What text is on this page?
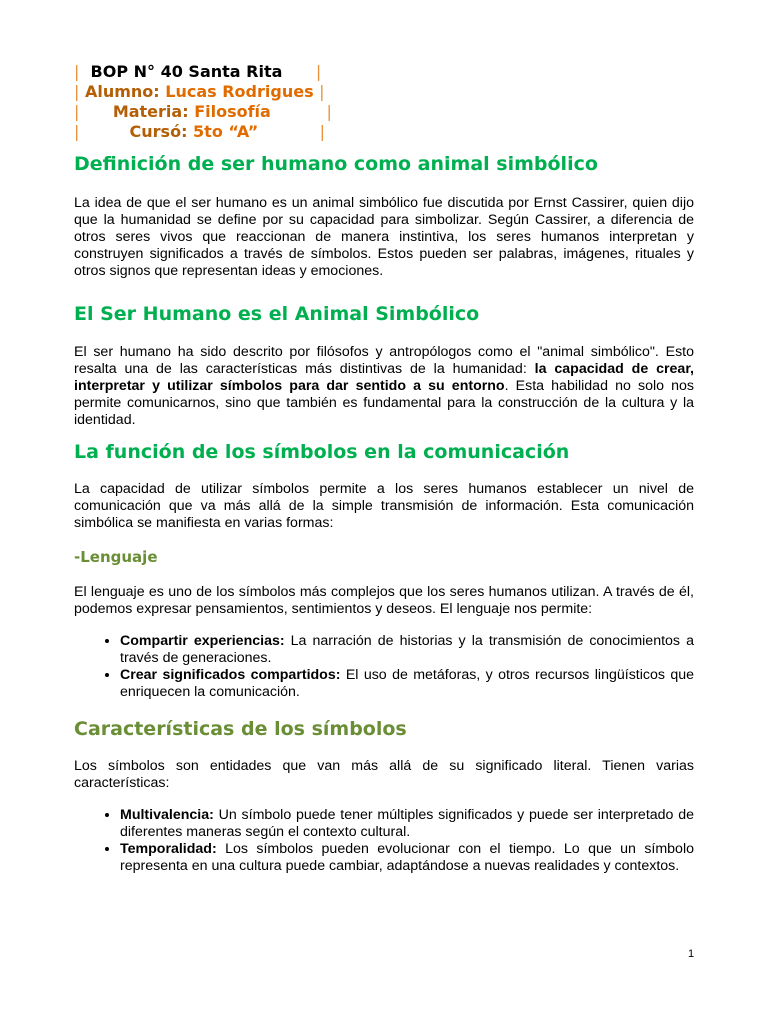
| BOP N° 40 Santa Rita |
| Alumno: Lucas Rodrigues |
| Materia: Filosofía	|
|	Cursó: 5to “A”	|
Definición de ser humano como animal simbólico

La idea de que el ser humano es un animal simbólico fue discutida por Ernst Cassirer, quien dijo que la humanidad se define por su capacidad para simbolizar. Según Cassirer, a diferencia de otros seres vivos que reaccionan de manera instintiva, los seres humanos interpretan y construyen significados a través de símbolos. Estos pueden ser palabras, imágenes, rituales y otros signos que representan ideas y emociones.

El Ser Humano es el Animal Simbólico

El ser humano ha sido descrito por filósofos y antropólogos como el "animal simbólico". Esto resalta una de las características más distintivas de la humanidad: la capacidad de crear, interpretar y utilizar símbolos para dar sentido a su entorno. Esta habilidad no solo nos permite comunicarnos, sino que también es fundamental para la construcción de la cultura y la identidad.

La función de los símbolos en la comunicación

La capacidad de utilizar símbolos permite a los seres humanos establecer un nivel de comunicación que va más allá de la simple transmisión de información. Esta comunicación simbólica se manifiesta en varias formas:

-Lenguaje

El lenguaje es uno de los símbolos más complejos que los seres humanos utilizan. A través de él, podemos expresar pensamientos, sentimientos y deseos. El lenguaje nos permite:

• Compartir experiencias: La narración de historias y la transmisión de conocimientos a través de generaciones.
• Crear significados compartidos: El uso de metáforas, y otros recursos lingüísticos que enriquecen la comunicación.
Características de los símbolos

Los símbolos son entidades que van más allá de su significado literal. Tienen varias características:

• Multivalencia: Un símbolo puede tener múltiples significados y puede ser interpretado de diferentes maneras según el contexto cultural.
• Temporalidad: Los símbolos pueden evolucionar con el tiempo. Lo que un símbolo representa en una cultura puede cambiar, adaptándose a nuevas realidades y contextos.
1
